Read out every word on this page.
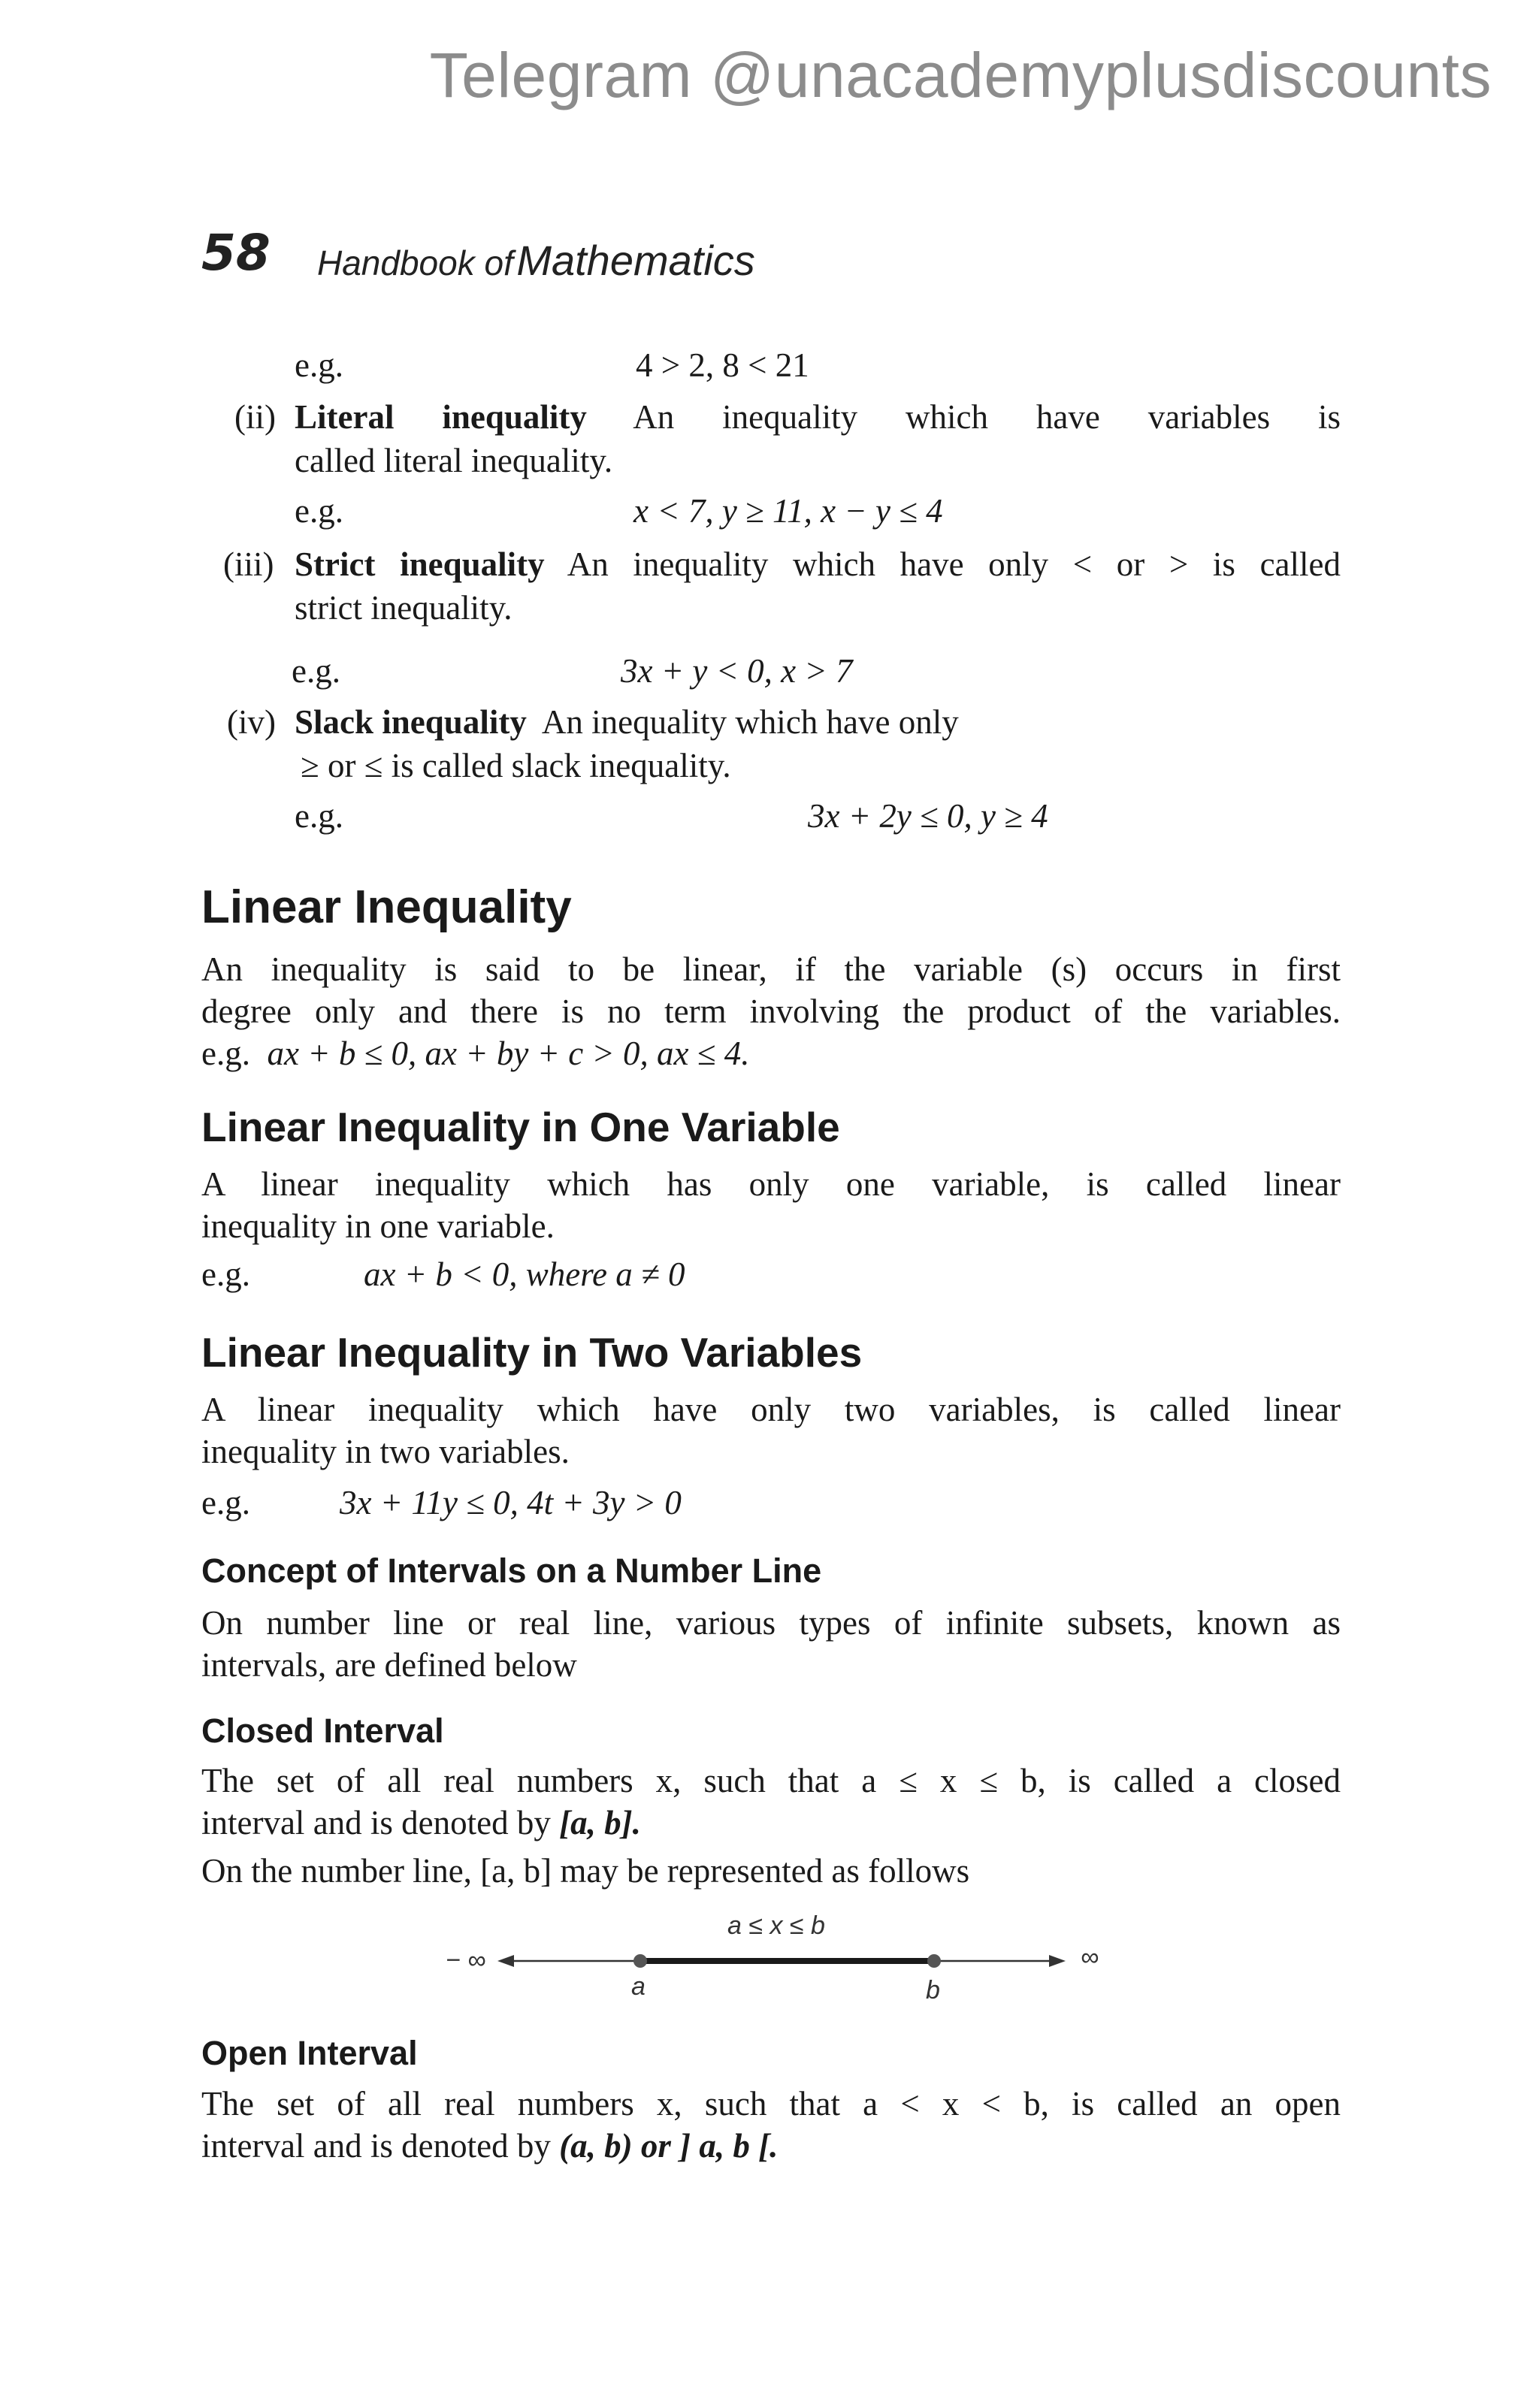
Telegram @unacademyplusdiscounts
58 Handbook of Mathematics
e.g.	4 > 2, 8 < 21
(ii) Literal inequality An inequality which have variables is
called literal inequality.
e.g.	x < 7, y ≥ 11, x − y ≤ 4
(iii) Strict inequality An inequality which have only < or > is called
strict inequality.
e.g.	3x + y < 0, x > 7
(iv) Slack inequality An inequality which have only
≥ or ≤ is called slack inequality.
e.g.	3x + 2y ≤ 0, y ≥ 4
Linear Inequality
An inequality is said to be linear, if the variable (s) occurs in first
degree only and there is no term involving the product of the variables.
e.g. ax + b ≤ 0, ax + by + c > 0, ax ≤ 4.
Linear Inequality in One Variable
A linear inequality which has only one variable, is called linear
inequality in one variable.
e.g.	ax + b < 0, where a ≠ 0
Linear Inequality in Two Variables
A linear inequality which have only two variables, is called linear
inequality in two variables.
e.g.	3x + 11y ≤ 0, 4t + 3y > 0
Concept of Intervals on a Number Line
On number line or real line, various types of infinite subsets, known as
intervals, are defined below
Closed Interval
The set of all real numbers x, such that a ≤ x ≤ b, is called a closed
interval and is denoted by [a, b].
On the number line, [a, b] may be represented as follows
− ∞
a	b
a ≤ x ≤ b
∞
Open Interval
The set of all real numbers x, such that a < x < b, is called an open
interval and is denoted by (a, b) or ] a, b [.
